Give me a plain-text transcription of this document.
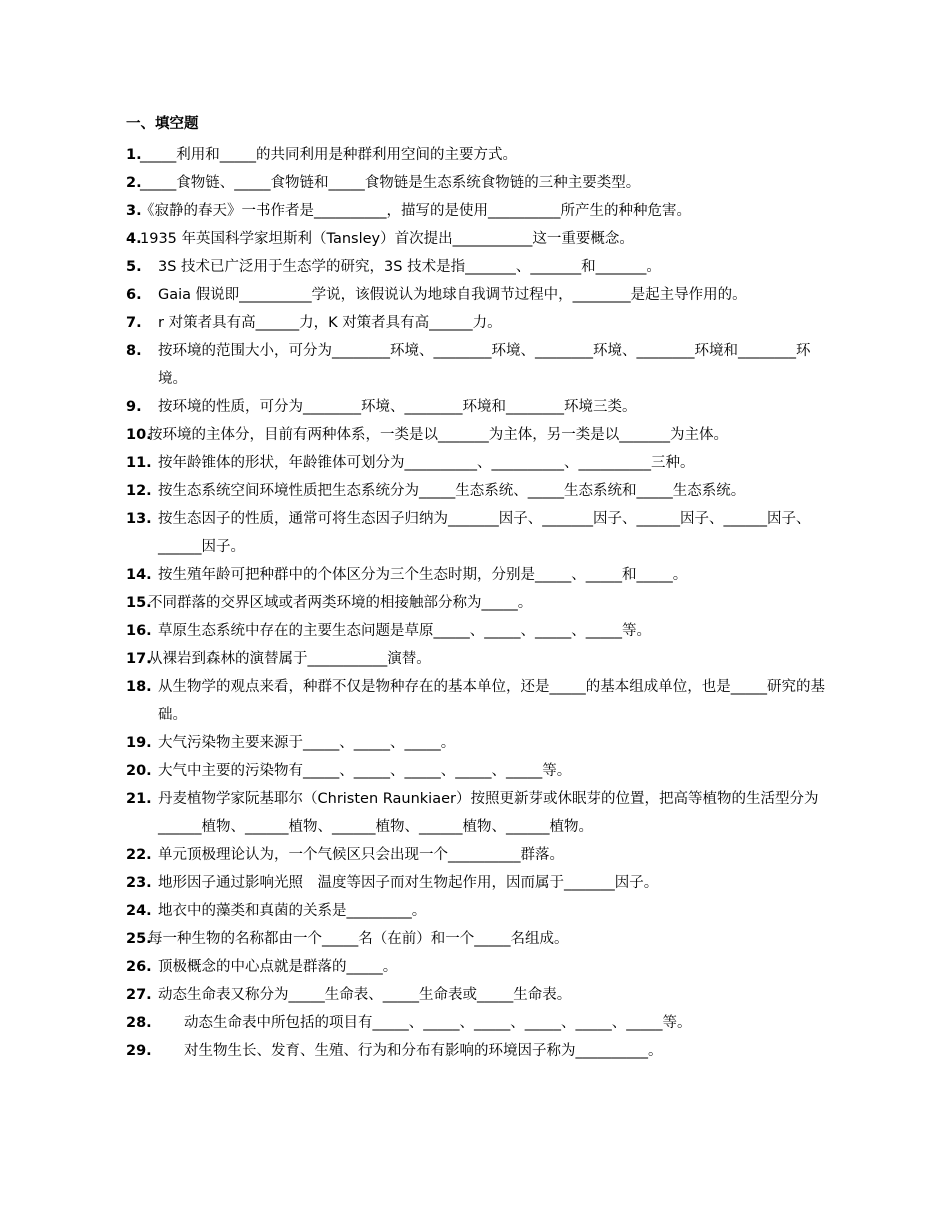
一、填空题
1.
_____利用和_____的共同利用是种群利用空间的主要方式。
2.
_____食物链、_____食物链和_____食物链是生态系统食物链的三种主要类型。
3.
《寂静的春天》一书作者是__________，描写的是使用__________所产生的种种危害。
4.
1935 年英国科学家坦斯利（Tansley）首次提出___________这一重要概念。
5.	3S 技术已广泛用于生态学的研究，3S 技术是指_______、_______和_______。
6.	Gaia 假说即__________学说，该假说认为地球自我调节过程中，________是起主导作用的。
7.	r 对策者具有高______力，K 对策者具有高______力。
8.	按环境的范围大小，可分为________环境、________环境、________环境、________环境和________环境。
9.	按环境的性质，可分为________环境、________环境和________环境三类。
10.
按环境的主体分，目前有两种体系，一类是以_______为主体，另一类是以_______为主体。
11. 按年龄锥体的形状，年龄锥体可划分为__________、__________、__________三种。
12. 按生态系统空间环境性质把生态系统分为_____生态系统、_____生态系统和_____生态系统。
13. 按生态因子的性质，通常可将生态因子归纳为_______因子、_______因子、______因子、______因子、______因子。
14. 按生殖年龄可把种群中的个体区分为三个生态时期，分别是_____、_____和_____。
15.
不同群落的交界区域或者两类环境的相接触部分称为_____。
16. 草原生态系统中存在的主要生态问题是草原_____、_____、_____、_____等。
17.
从裸岩到森林的演替属于___________演替。
18. 从生物学的观点来看，种群不仅是物种存在的基本单位，还是_____的基本组成单位，也是_____研究的基础。
19. 大气污染物主要来源于_____、_____、_____。
20. 大气中主要的污染物有_____、_____、_____、_____、_____等。
21. 丹麦植物学家阮基耶尔（Christen Raunkiaer）按照更新芽或休眠芽的位置，把高等植物的生活型分为______植物、______植物、______植物、______植物、______植物。
22. 单元顶极理论认为，一个气候区只会出现一个__________群落。
23. 地形因子通过影响光照　温度等因子而对生物起作用，因而属于_______因子。
24. 地衣中的藻类和真菌的关系是_________。
25.
每一种生物的名称都由一个_____名（在前）和一个_____名组成。
26. 顶极概念的中心点就是群落的_____。
27. 动态生命表又称分为_____生命表、_____生命表或_____生命表。
28.	动态生命表中所包括的项目有_____、_____、_____、_____、_____、_____等。
29.	对生物生长、发育、生殖、行为和分布有影响的环境因子称为__________。
